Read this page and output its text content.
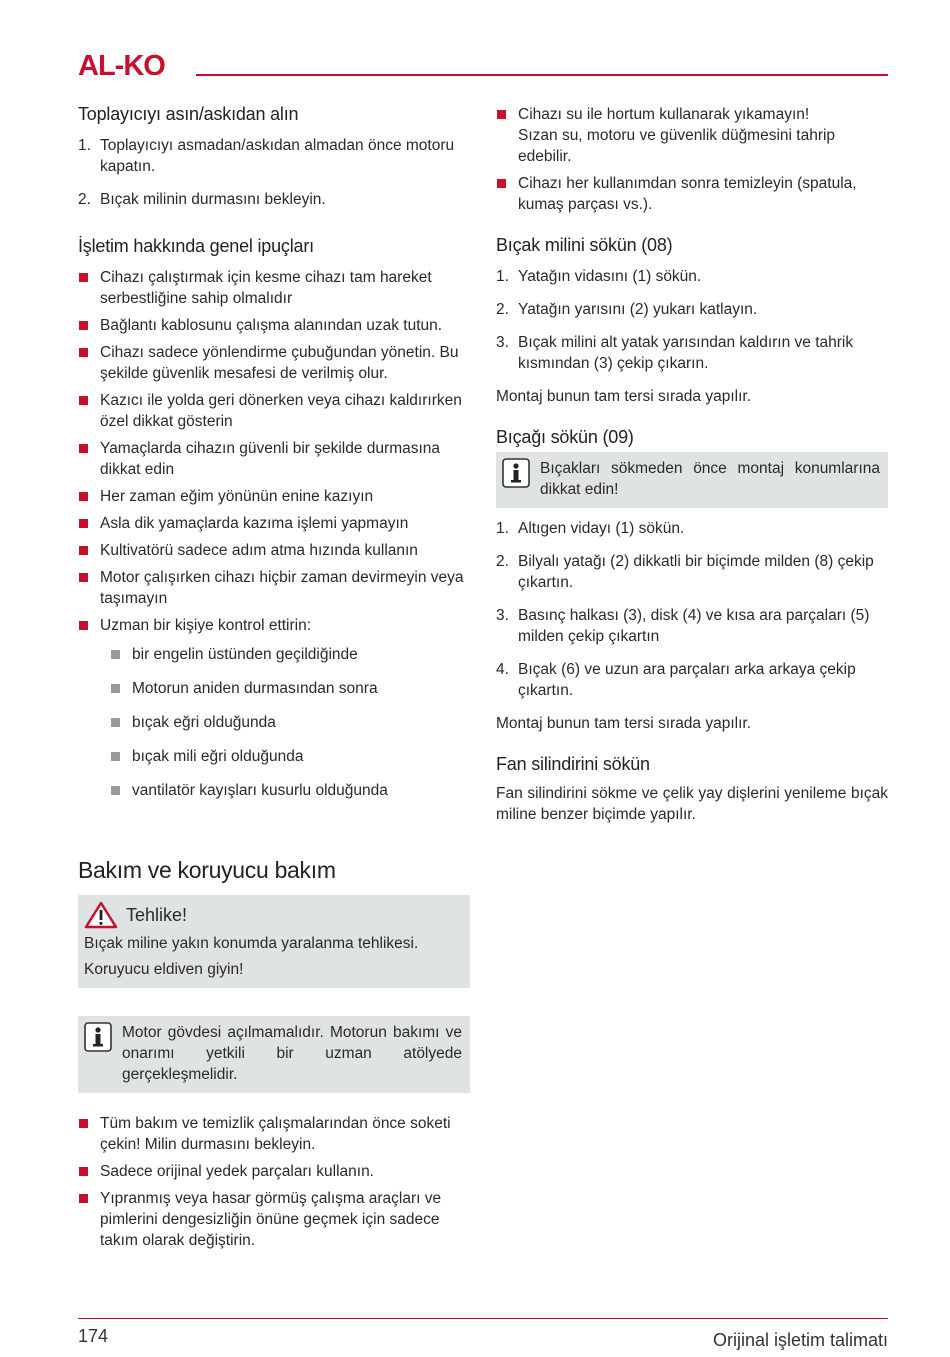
AL-KO
Toplayıcıyı asın/askıdan alın
1. Toplayıcıyı asmadan/askıdan almadan önce motoru kapatın.
2. Bıçak milinin durmasını bekleyin.
İşletim hakkında genel ipuçları
Cihazı çalıştırmak için kesme cihazı tam hareket serbestliğine sahip olmalıdır
Bağlantı kablosunu çalışma alanından uzak tutun.
Cihazı sadece yönlendirme çubuğundan yönetin. Bu şekilde güvenlik mesafesi de verilmiş olur.
Kazıcı ile yolda geri dönerken veya cihazı kaldırırken özel dikkat gösterin
Yamaçlarda cihazın güvenli bir şekilde durmasına dikkat edin
Her zaman eğim yönünün enine kazıyın
Asla dik yamaçlarda kazıma işlemi yapmayın
Kultivatörü sadece adım atma hızında kullanın
Motor çalışırken cihazı hiçbir zaman devirmeyin veya taşımayın
Uzman bir kişiye kontrol ettirin:
bir engelin üstünden geçildiğinde
Motorun aniden durmasından sonra
bıçak eğri olduğunda
bıçak mili eğri olduğunda
vantilatör kayışları kusurlu olduğunda
Bakım ve koruyucu bakım
Tehlike!

Bıçak miline yakın konumda yaralanma tehlikesi.

Koruyucu eldiven giyin!

Motor gövdesi açılmamalıdır. Motorun bakımı ve onarımı yetkili bir uzman atölyede gerçekleşmelidir.
Tüm bakım ve temizlik çalışmalarından önce soketi çekin! Milin durmasını bekleyin.
Sadece orijinal yedek parçaları kullanın.
Yıpranmış veya hasar görmüş çalışma araçları ve pimlerini dengesizliğin önüne geçmek için sadece takım olarak değiştirin.
Cihazı su ile hortum kullanarak yıkamayın!
Sızan su, motoru ve güvenlik düğmesini tahrip edebilir.
Cihazı her kullanımdan sonra temizleyin (spatula, kumaş parçası vs.).
Bıçak milini sökün (08)
1. Yatağın vidasını (1) sökün.
2. Yatağın yarısını (2) yukarı katlayın.
3. Bıçak milini alt yatak yarısından kaldırın ve tahrik kısmından (3) çekip çıkarın.

Montaj bunun tam tersi sırada yapılır.

Bıçağı sökün (09)
Bıçakları sökmeden önce montaj konumlarına dikkat edin!
1. Altıgen vidayı (1) sökün.
2. Bilyalı yatağı (2) dikkatli bir biçimde milden (8) çekip çıkartın.
3. Basınç halkası (3), disk (4) ve kısa ara parçaları (5) milden çekip çıkartın
4. Bıçak (6) ve uzun ara parçaları arka arkaya çekip çıkartın.

Montaj bunun tam tersi sırada yapılır.

Fan silindirini sökün

Fan silindirini sökme ve çelik yay dişlerini yenileme bıçak miline benzer biçimde yapılır.

174	Orijinal işletim talimatı
